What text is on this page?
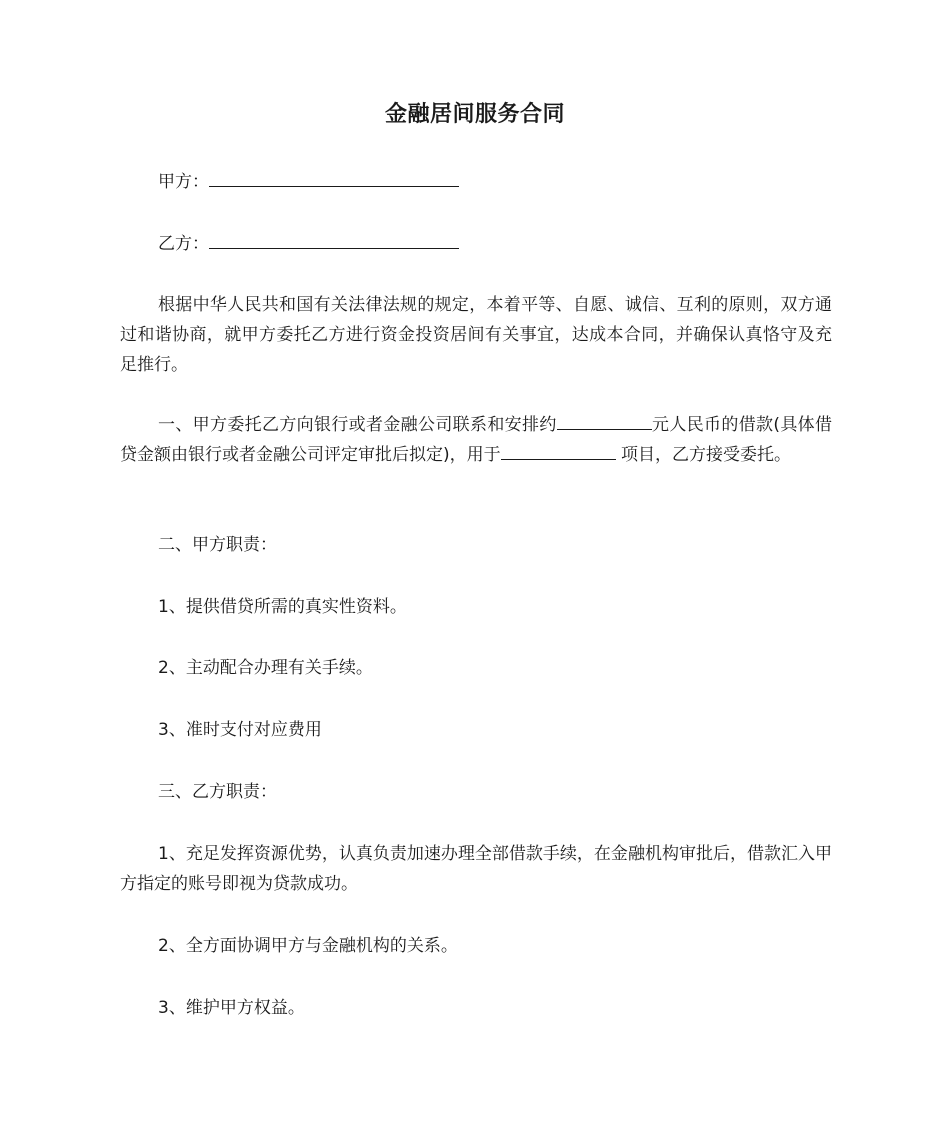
金融居间服务合同

甲方：

乙方：

根据中华人民共和国有关法律法规的规定，本着平等、自愿、诚信、互利的原则，双方通过和谐协商，就甲方委托乙方进行资金投资居间有关事宜，达成本合同，并确保认真恪守及充足推行。

一、甲方委托乙方向银行或者金融公司联系和安排约	元人民币的借款(具体借贷金额由银行或者金融公司评定审批后拟定)，用于	项目，乙方接受委托。

二、甲方职责：

1、提供借贷所需的真实性资料。

2、主动配合办理有关手续。

3、准时支付对应费用

三、乙方职责：

1、充足发挥资源优势，认真负责加速办理全部借款手续，在金融机构审批后，借款汇入甲方指定的账号即视为贷款成功。

2、全方面协调甲方与金融机构的关系。

3、维护甲方权益。
